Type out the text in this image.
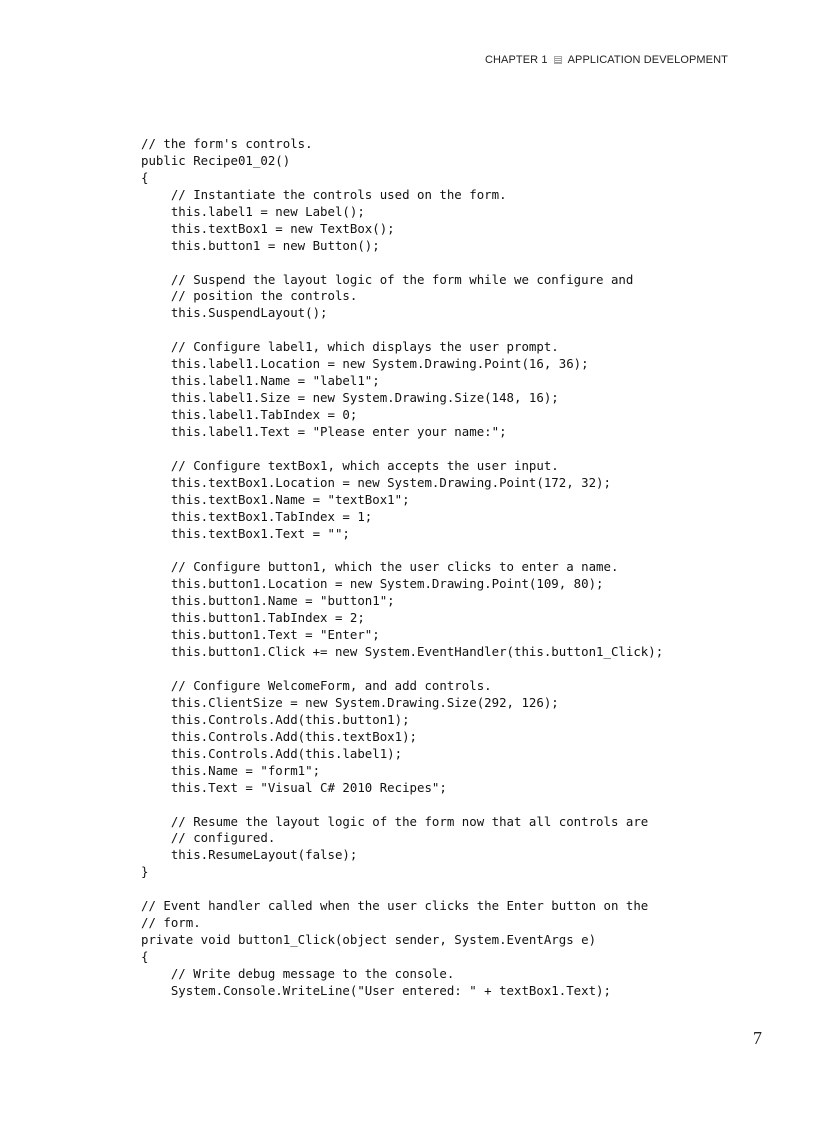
CHAPTER 1 APPLICATION DEVELOPMENT
// the form's controls.
public Recipe01_02()
{
// Instantiate the controls used on the form.
this.label1 = new Label();
this.textBox1 = new TextBox();
this.button1 = new Button();
// Suspend the layout logic of the form while we configure and
// position the controls.
this.SuspendLayout();
// Configure label1, which displays the user prompt.
this.label1.Location = new System.Drawing.Point(16, 36);
this.label1.Name = "label1";
this.label1.Size = new System.Drawing.Size(148, 16);
this.label1.TabIndex = 0;
this.label1.Text = "Please enter your name:";
// Configure textBox1, which accepts the user input.
this.textBox1.Location = new System.Drawing.Point(172, 32);
this.textBox1.Name = "textBox1";
this.textBox1.TabIndex = 1;
this.textBox1.Text = "";
// Configure button1, which the user clicks to enter a name.
this.button1.Location = new System.Drawing.Point(109, 80);
this.button1.Name = "button1";
this.button1.TabIndex = 2;
this.button1.Text = "Enter";
this.button1.Click += new System.EventHandler(this.button1_Click);
// Configure WelcomeForm, and add controls.
this.ClientSize = new System.Drawing.Size(292, 126);
this.Controls.Add(this.button1);
this.Controls.Add(this.textBox1);
this.Controls.Add(this.label1);
this.Name = "form1";
this.Text = "Visual C# 2010 Recipes";
// Resume the layout logic of the form now that all controls are
// configured.
this.ResumeLayout(false);
}
// Event handler called when the user clicks the Enter button on the
// form.
private void button1_Click(object sender, System.EventArgs e)
{
// Write debug message to the console.
System.Console.WriteLine("User entered: " + textBox1.Text);
7
